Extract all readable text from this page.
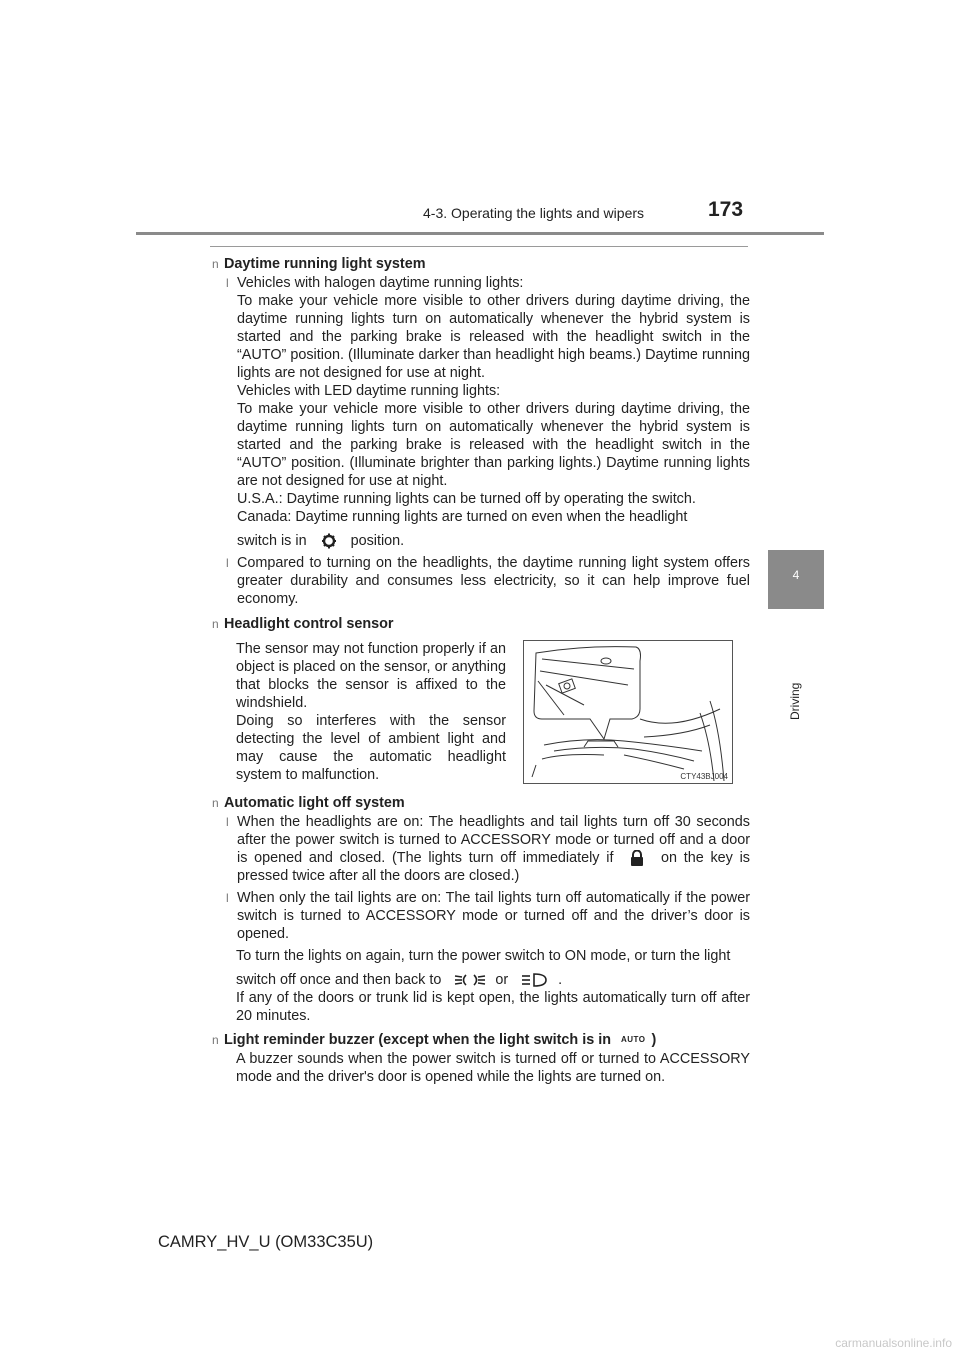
4-3. Operating the lights and wipers	173
4
Driving

n Daytime running light system

l Vehicles with halogen daytime running lights:
To make your vehicle more visible to other drivers during daytime driving, the daytime running lights turn on automatically whenever the hybrid system is started and the parking brake is released with the headlight switch in the “AUTO” position. (Illuminate darker than headlight high beams.) Daytime running lights are not designed for use at night.
Vehicles with LED daytime running lights:
To make your vehicle more visible to other drivers during daytime driving, the daytime running lights turn on automatically whenever the hybrid system is started and the parking brake is released with the headlight switch in the “AUTO” position. (Illuminate brighter than parking lights.) Daytime running lights are not designed for use at night.
U.S.A.: Daytime running lights can be turned off by operating the switch.
Canada: Daytime running lights are turned on even when the headlight
switch is in	position.
l Compared to turning on the headlights, the daytime running light system offers greater durability and consumes less electricity, so it can help improve fuel economy.

n Headlight control sensor

The sensor may not function properly if an object is placed on the sensor, or anything that blocks the sensor is affixed to the windshield.
Doing so interferes with the sensor detecting the level of ambient light and may cause the automatic headlight system to malfunction.	CTY43BJ004

n Automatic light off system

l When the headlights are on: The headlights and tail lights turn off 30 seconds after the power switch is turned to ACCESSORY mode or turned off and a door is opened and closed. (The lights turn off immediately if	on the key is pressed twice after all the doors are closed.)
l When only the tail lights are on: The tail lights turn off automatically if the power switch is turned to ACCESSORY mode or turned off and the driver’s door is opened.
To turn the lights on again, turn the power switch to ON mode, or turn the light
switch off once and then back to	or	.
If any of the doors or trunk lid is kept open, the lights automatically turn off after 20 minutes.

n Light reminder buzzer (except when the light switch is in AUTO )

A buzzer sounds when the power switch is turned off or turned to ACCESSORY mode and the driver's door is opened while the lights are turned on.
CAMRY_HV_U (OM33C35U)
carmanualsonline.info
